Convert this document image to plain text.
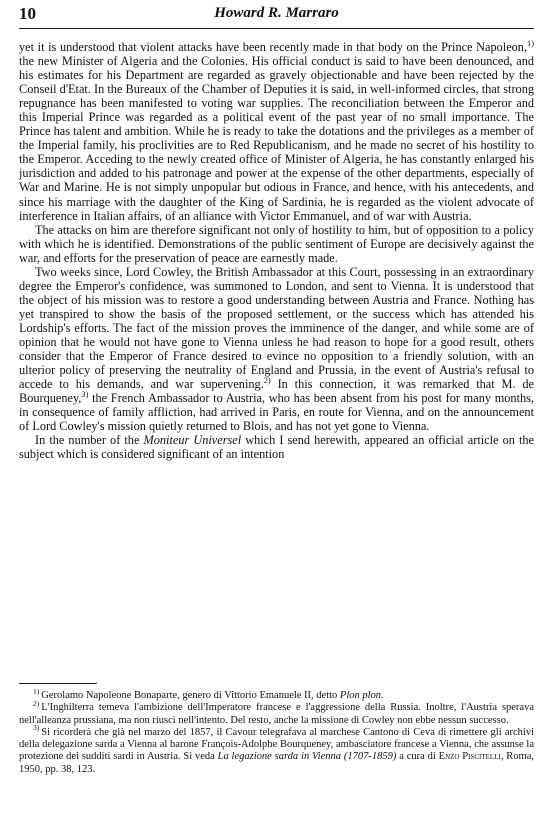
10	Howard R. Marraro

yet it is understood that violent attacks have been recently made in that body on the Prince Napoleon,$^{1)}$ the new Minister of Algeria and the Colonies. His official conduct is said to have been denounced, and his estimates for his Department are regarded as gravely objectionable and have been rejected by the Conseil d'Etat. In the Bureaux of the Chamber of Deputies it is said, in well-informed circles, that strong repugnance has been manifested to voting war supplies. The reconciliation between the Emperor and this Imperial Prince was regarded as a political event of the past year of no small importance. The Prince has talent and ambition. While he is ready to take the dotations and the privileges as a member of the Imperial family, his proclivities are to Red Republicanism, and he made no secret of his hostility to the Emperor. Acceding to the newly created office of Minister of Algeria, he has constantly enlarged his jurisdiction and added to his patronage and power at the expense of the other departments, especially of War and Marine. He is not simply unpopular but odious in France, and hence, with his antecedents, and since his marriage with the daughter of the King of Sardinia, he is regarded as the violent advocate of interference in Italian affairs, of an alliance with Victor Emmanuel, and of war with Austria.

The attacks on him are therefore significant not only of hostility to him, but of opposition to a policy with which he is identified. Demonstrations of the public sentiment of Europe are decisively against the war, and efforts for the preservation of peace are earnestly made.

Two weeks since, Lord Cowley, the British Ambassador at this Court, possessing in an extraordinary degree the Emperor's confidence, was summoned to London, and sent to Vienna. It is understood that the object of his mission was to restore a good understanding between Austria and France. Nothing has yet transpired to show the basis of the proposed settlement, or the success which has attended his Lordship's efforts. The fact of the mission proves the imminence of the danger, and while some are of opinion that he would not have gone to Vienna unless he had reason to hope for a good result, others consider that the Emperor of France desired to evince no opposition to a friendly solution, with an ulterior policy of preserving the neutrality of England and Prussia, in the event of Austria's refusal to accede to his demands, and war supervening.$^{2)}$ In this connection, it was remarked that M. de Bourqueney,$^{3)}$ the French Ambassador to Austria, who has been absent from his post for many months, in consequence of family affliction, had arrived in Paris, en route for Vienna, and on the announcement of Lord Cowley's mission quietly returned to Blois, and has not yet gone to Vienna.

In the number of the Moniteur Universel which I send herewith, appeared an official article on the subject which is considered significant of an intention

$^{1)}$ Gerolamo Napoleone Bonaparte, genero di Vittorio Emanuele II, detto Plon plon.

$^{2)}$ L'Inghilterra temeva l'ambizione dell'Imperatore francese e l'aggressione della Russia. Inoltre, l'Austria sperava nell'alleanza prussiana, ma non riuscì nell'intento. Del resto, anche la missione di Cowley non ebbe nessun successo.

$^{3)}$ Si ricorderà che già nel marzo del 1857, il Cavour telegrafava al marchese Cantono di Ceva di rimettere gli archivi della delegazione sarda a Vienna al barone François-Adolphe Bourqueney, ambasciatore francese a Vienna, che assunse la protezione dei sudditi sardi in Austria. Si veda La legazione sarda in Vienna (1707-1859) a cura di Enzo Piscitelli, Roma, 1950, pp. 38, 123.
